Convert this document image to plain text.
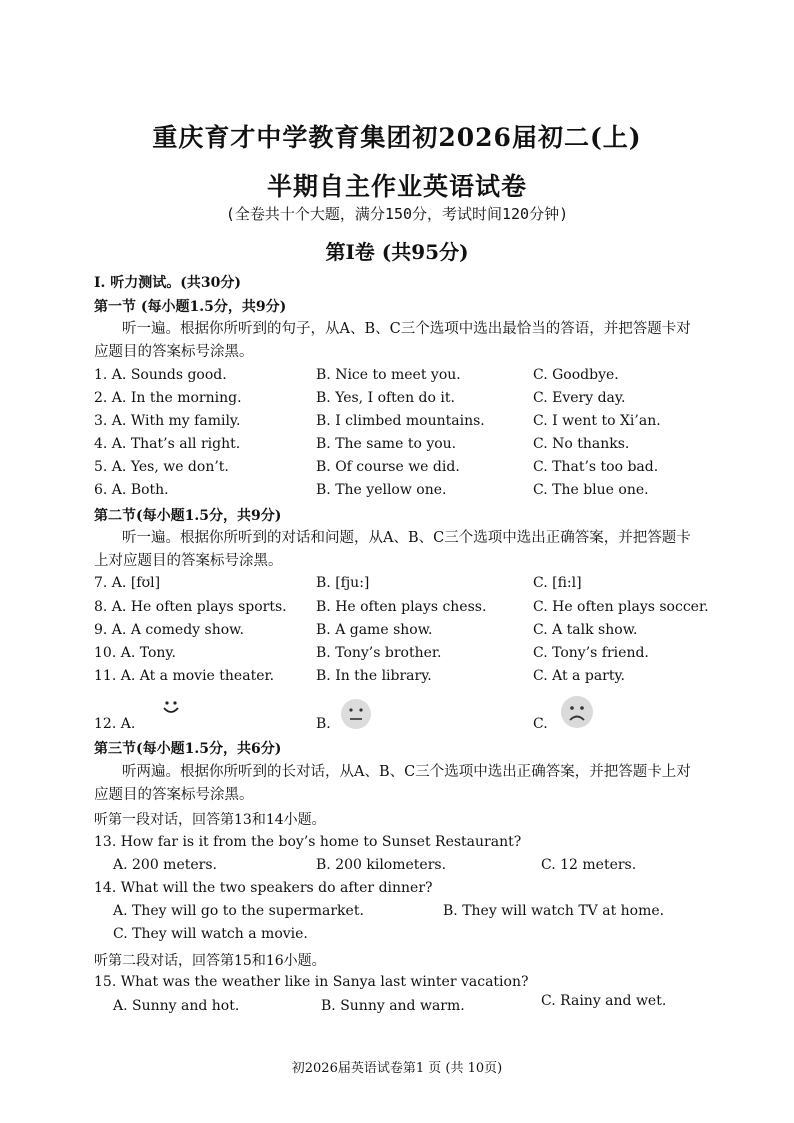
重庆育才中学教育集团初2026届初二(上)
半期自主作业英语试卷
(全卷共十个大题，满分150分，考试时间120分钟)
第Ⅰ卷 (共95分)
I. 听力测试。(共30分)
第一节 (每小题1.5分，共9分)
听一遍。根据你所听到的句子，从A、B、C三个选项中选出最恰当的答语，并把答题卡对应题目的答案标号涂黑。
1. A. Sounds good.	B. Nice to meet you.	C. Goodbye.
2. A. In the morning.	B. Yes, I often do it.	C. Every day.
3. A. With my family.	B. I climbed mountains.	C. I went to Xi’an.
4. A. That’s all right.	B. The same to you.	C. No thanks.
5. A. Yes, we don’t.	B. Of course we did.	C. That’s too bad.
6. A. Both.	B. The yellow one.	C. The blue one.
第二节(每小题1.5分，共9分)
听一遍。根据你所听到的对话和问题，从A、B、C三个选项中选出正确答案，并把答题卡上对应题目的答案标号涂黑。
7. A. [fʊl]	B. [fju:]	C. [fi:l]
8. A. He often plays sports. B. He often plays chess.	C. He often plays soccer.
9. A. A comedy show.	B. A game show.	C. A talk show.
10. A. Tony.	B. Tony’s brother.	C. Tony’s friend.
11. A. At a movie theater.	B. In the library.	C. At a party.
12. A.	B.	C.
第三节(每小题1.5分，共6分)
听两遍。根据你所听到的长对话，从A、B、C三个选项中选出正确答案，并把答题卡上对应题目的答案标号涂黑。
听第一段对话，回答第13和14小题。
13. How far is it from the boy’s home to Sunset Restaurant?
A. 200 meters.	B. 200 kilometers.	C. 12 meters.
14. What will the two speakers do after dinner?
A. They will go to the supermarket.	B. They will watch TV at home.
C. They will watch a movie.
听第二段对话，回答第15和16小题。
15. What was the weather like in Sanya last winter vacation?
A. Sunny and hot.	B. Sunny and warm.	C. Rainy and wet.
初2026届英语试卷第1 页 (共 10页)
